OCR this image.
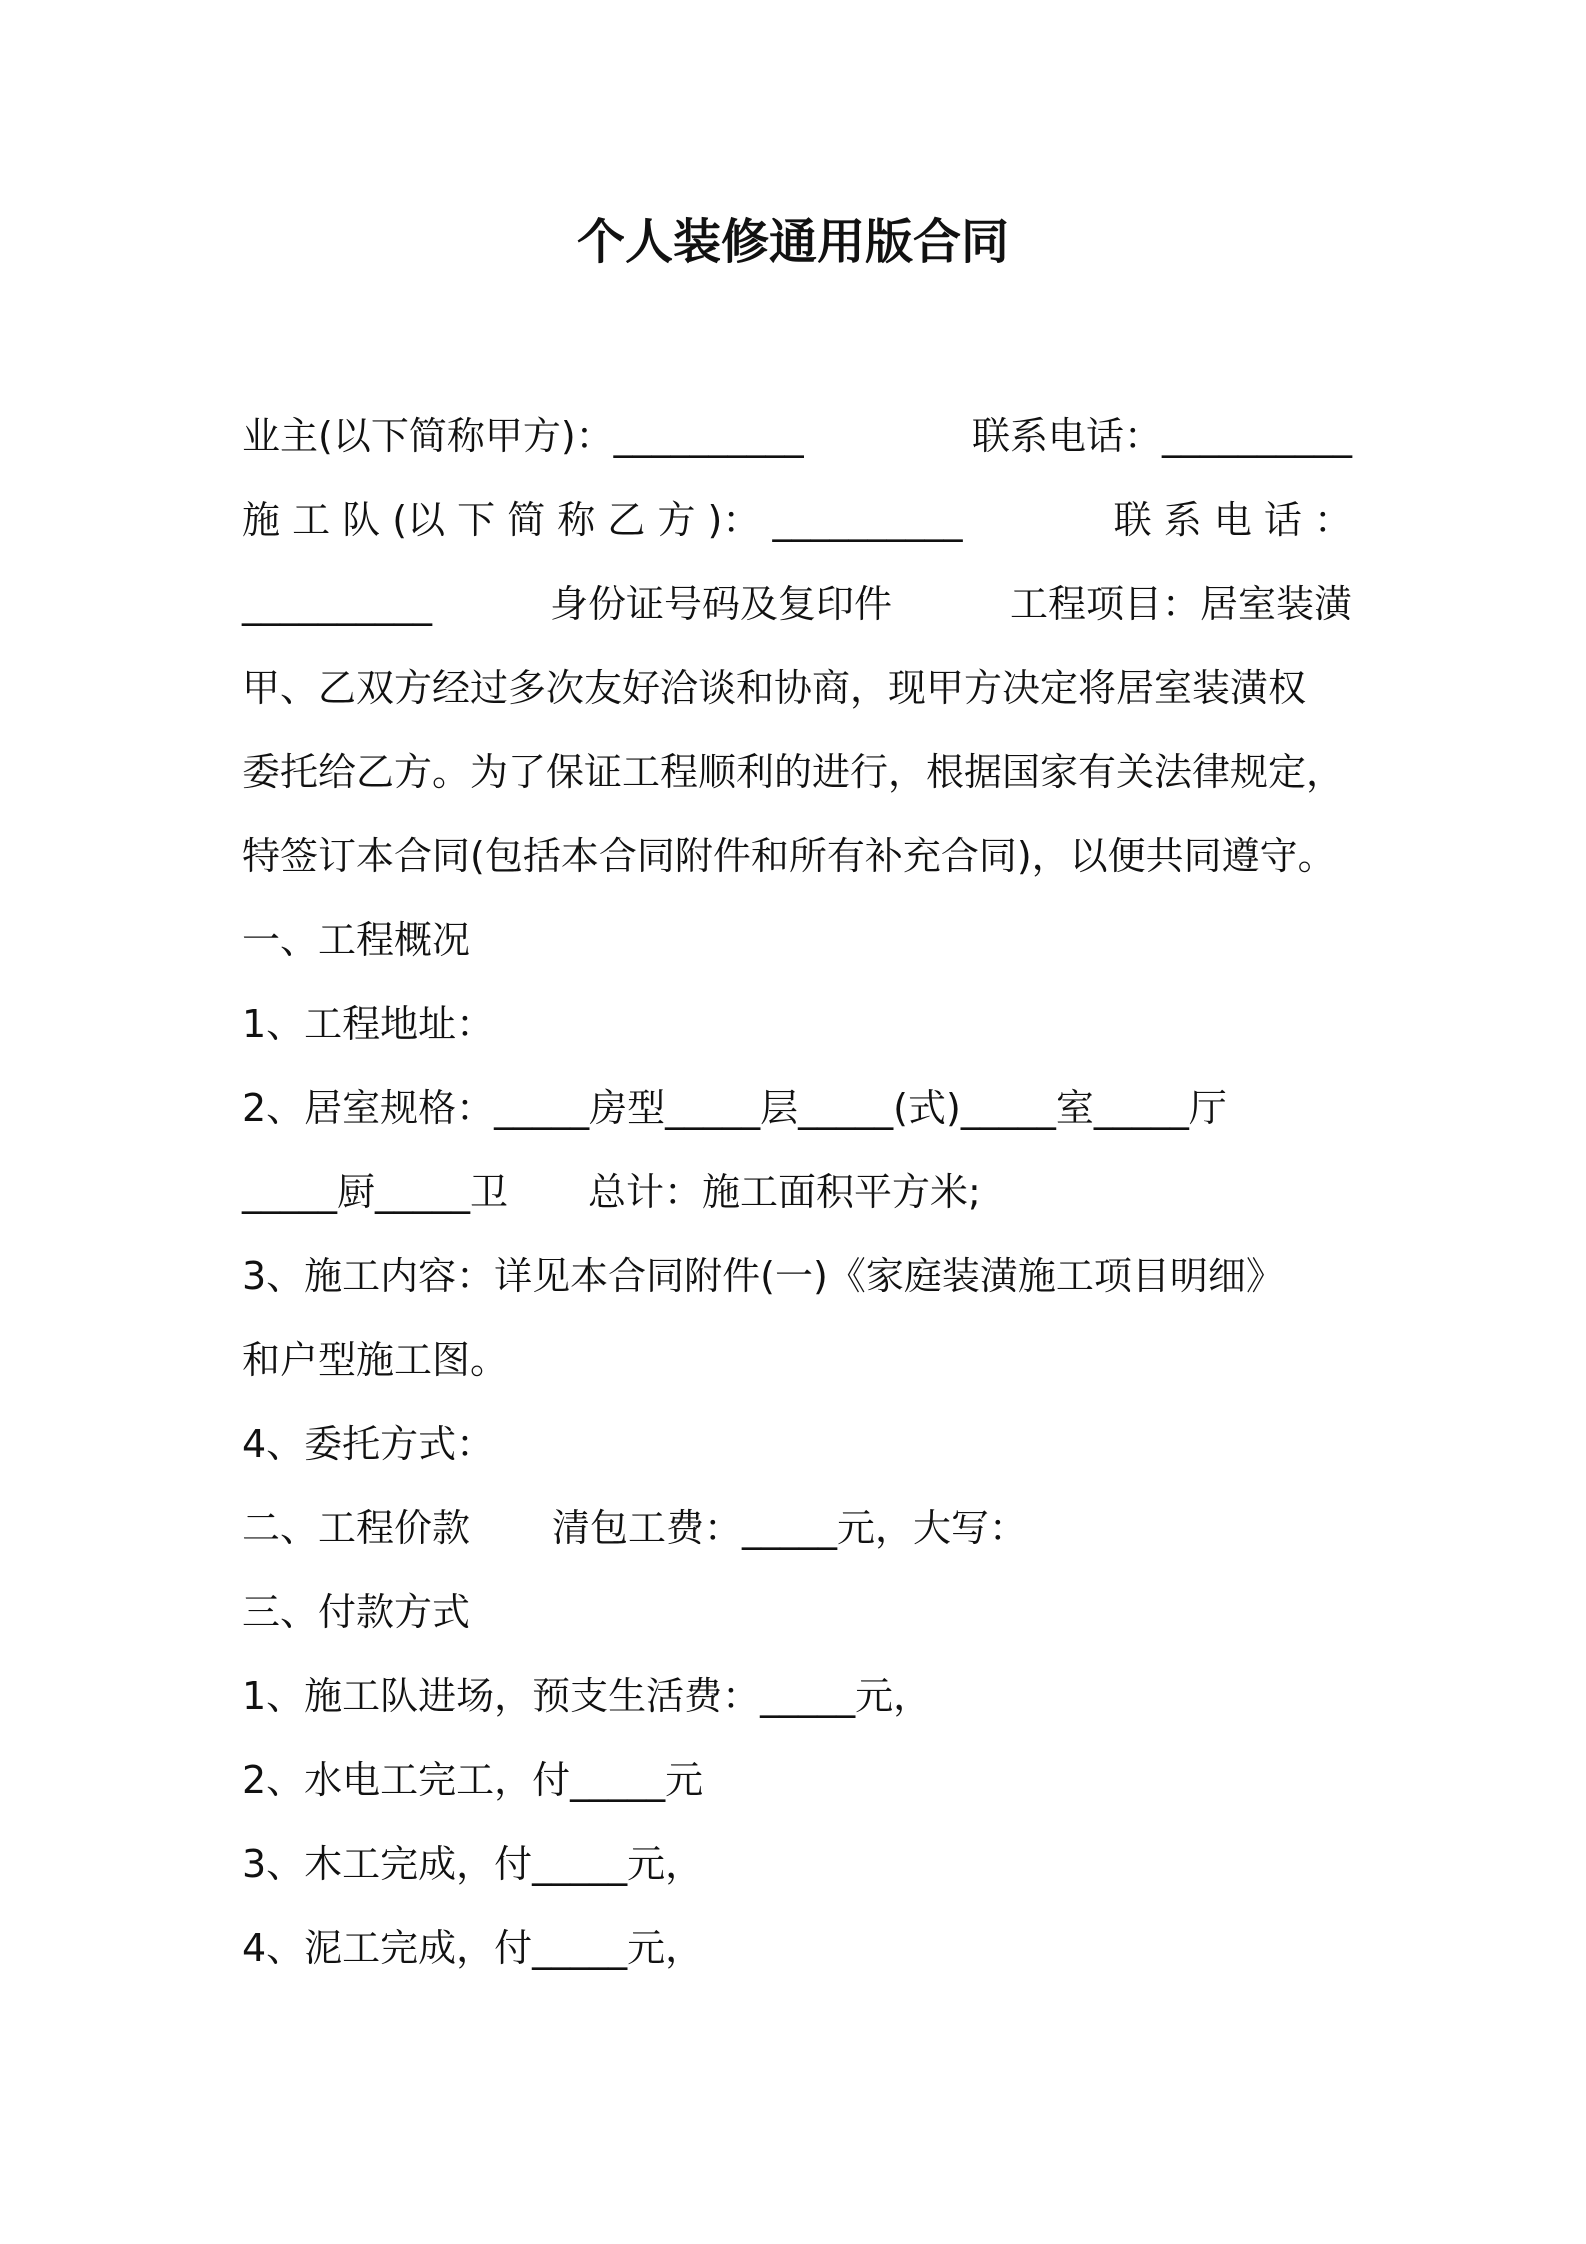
个人装修通用版合同
业主(以下简称甲方)：__________	联系电话：__________
施 工 队 (以 下 简 称 乙 方 )： __________	联 系 电 话 ：
__________	身份证号码及复印件	工程项目：居室装潢
甲、乙双方经过多次友好洽谈和协商，现甲方决定将居室装潢权
委托给乙方。为了保证工程顺利的进行，根据国家有关法律规定，
特签订本合同(包括本合同附件和所有补充合同)，以便共同遵守。
一、工程概况
1、工程地址：
2、居室规格：_____房型_____层_____(式)_____室_____厅
_____厨_____卫 总计：施工面积平方米;
3、施工内容：详见本合同附件(一)《家庭装潢施工项目明细》
和户型施工图。
4、委托方式：
二、工程价款 清包工费：_____元，大写：
三、付款方式
1、施工队进场，预支生活费：_____元，
2、水电工完工，付_____元
3、木工完成，付_____元，
4、泥工完成，付_____元，
